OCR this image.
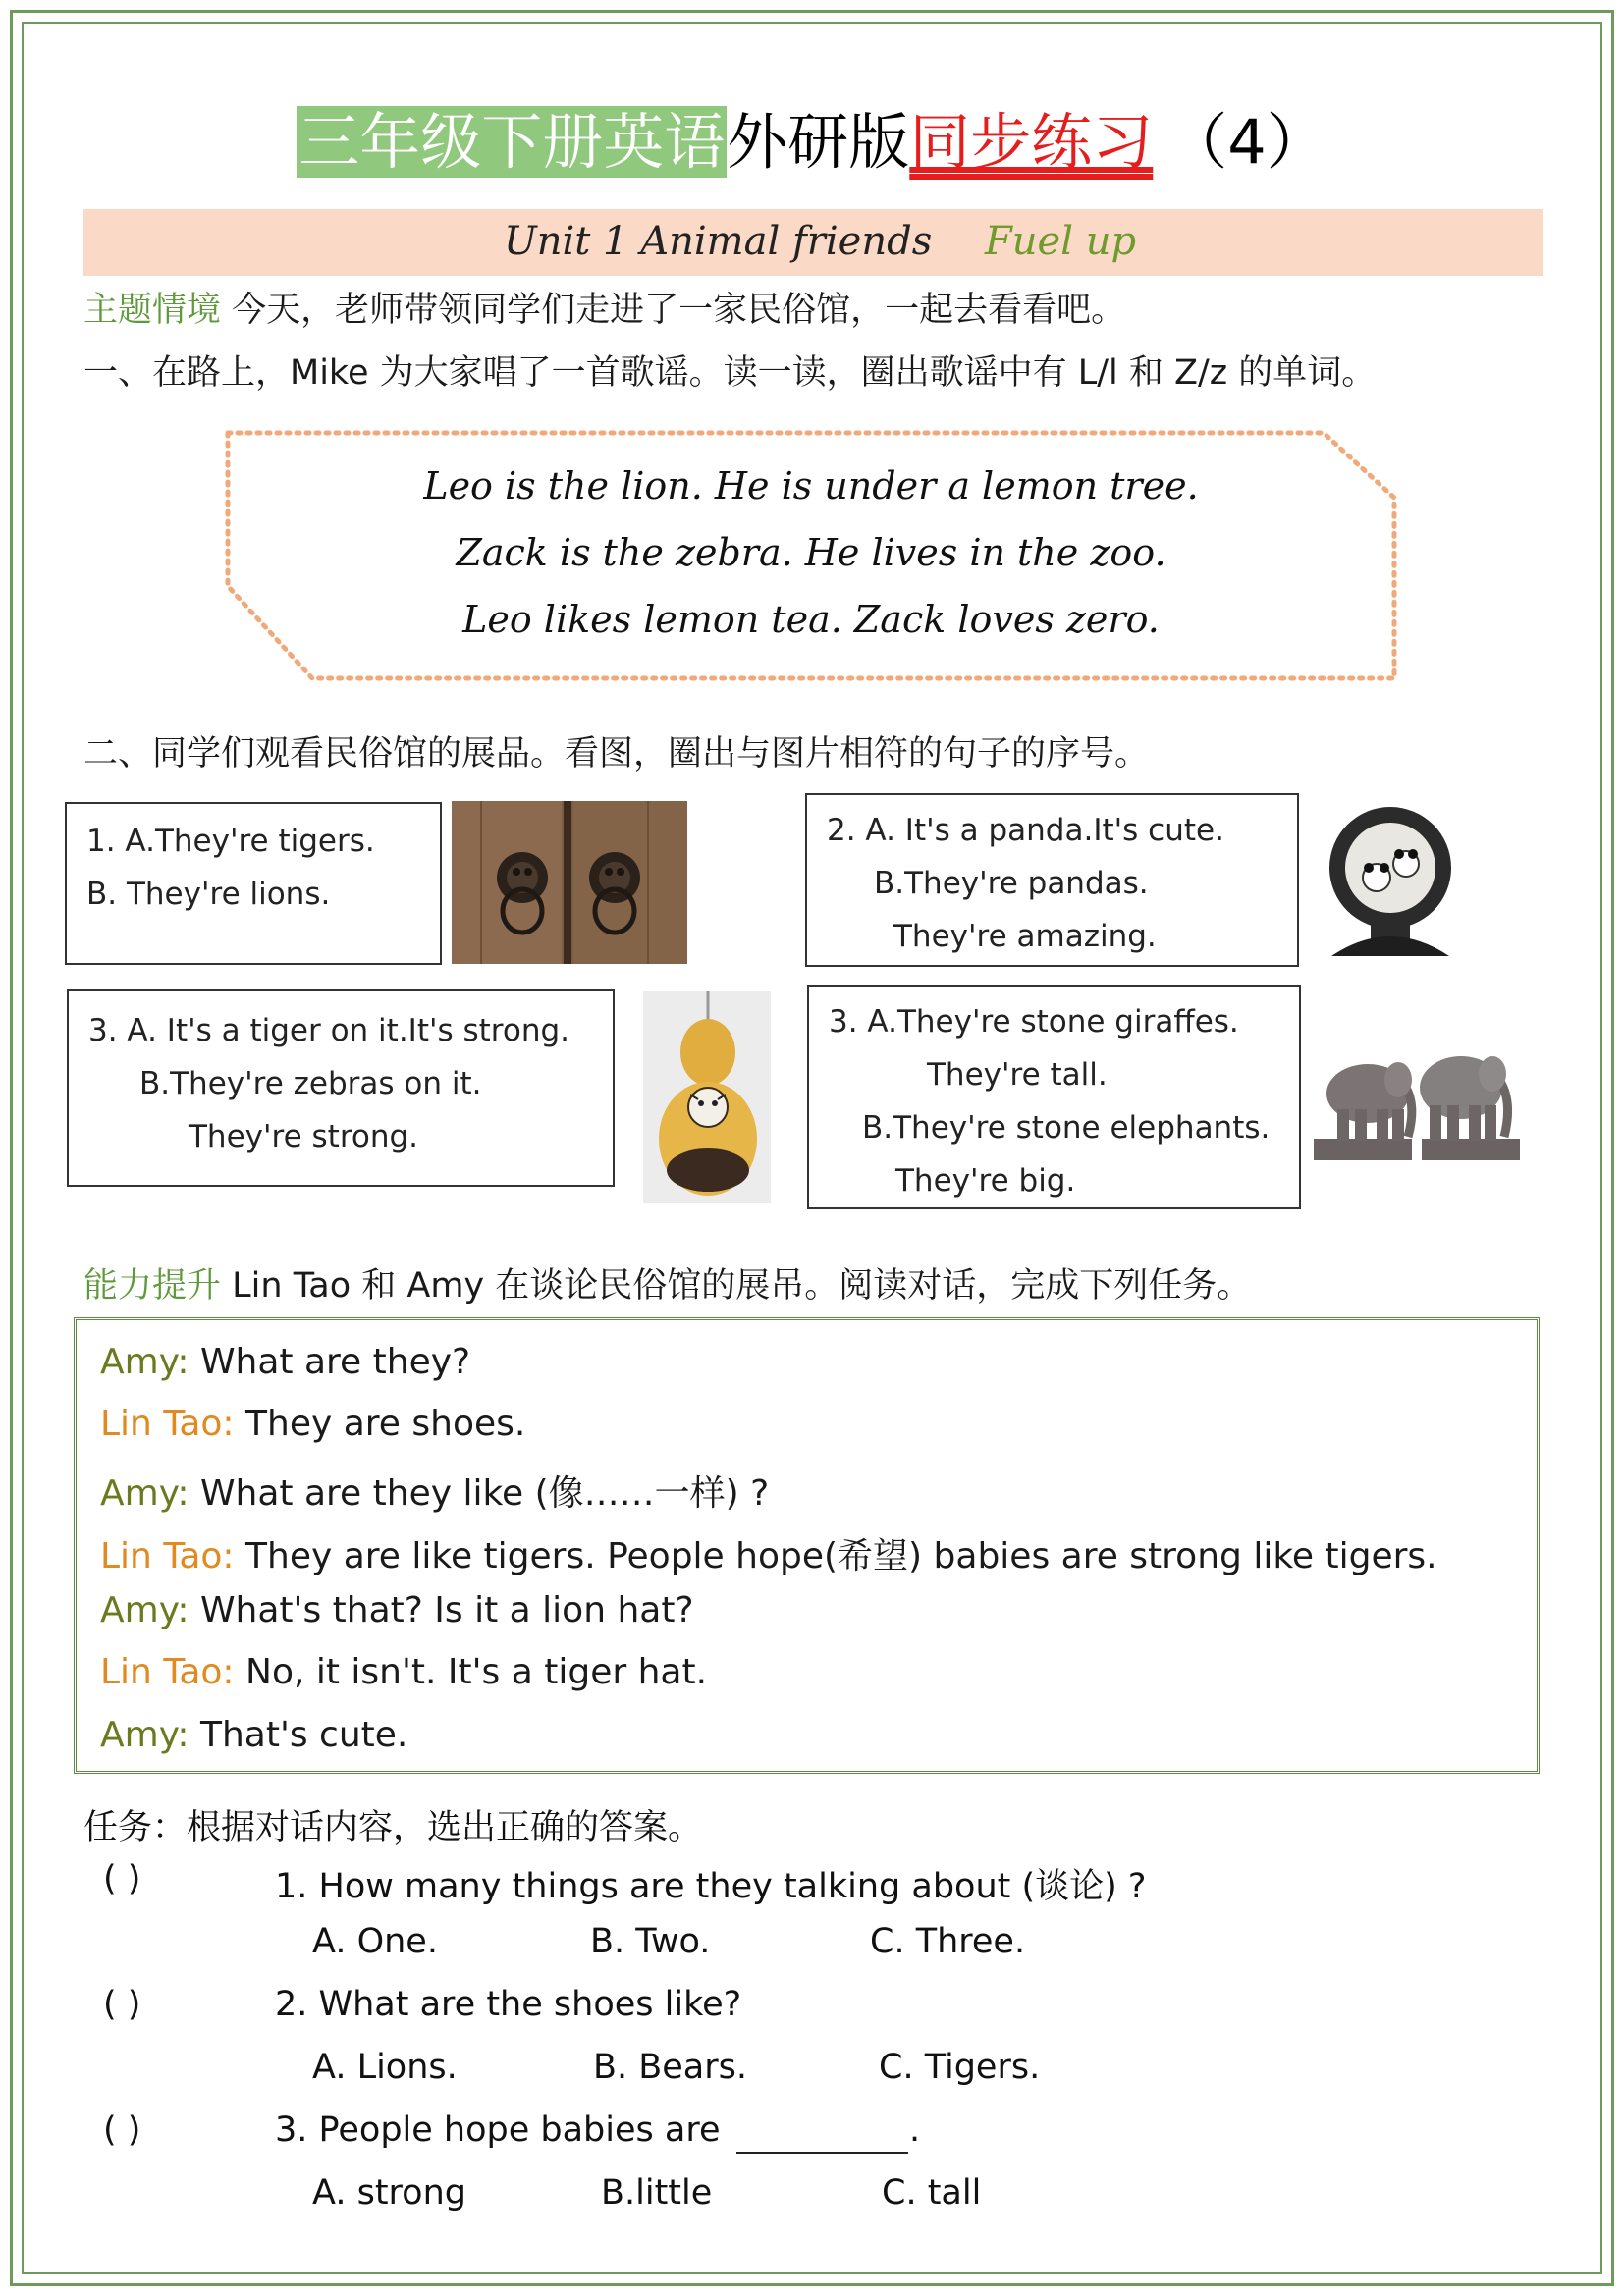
三年级下册英语外研版同步练习 （4）
Unit 1 Animal friends Fuel up
主题情境 今天，老师带领同学们走进了一家民俗馆，一起去看看吧。
一、在路上，Mike 为大家唱了一首歌谣。读一读，圈出歌谣中有 L/l 和 Z/z 的单词。
Leo is the lion. He is under a lemon tree.
Zack is the zebra. He lives in the zoo.
Leo likes lemon tea. Zack loves zero.
二、同学们观看民俗馆的展品。看图，圈出与图片相符的句子的序号。
1. A.They're tigers.
B. They're lions.
2. A. It's a panda.It's cute.
B.They're pandas.
They're amazing.
3. A. It's a tiger on it.It's strong.
B.They're zebras on it.
They're strong.
3. A.They're stone giraffes.
They're tall.
B.They're stone elephants.
They're big.
能力提升 Lin Tao 和 Amy 在谈论民俗馆的展吊。阅读对话，完成下列任务。
Amy: What are they?
Lin Tao: They are shoes.
Amy: What are they like (像……一样) ?
Lin Tao: They are like tigers. People hope(希望) babies are strong like tigers.
Amy: What's that? Is it a lion hat?
Lin Tao: No, it isn't. It's a tiger hat.
Amy: That's cute.
任务：根据对话内容，选出正确的答案。
( )	1. How many things are they talking about (谈论) ?
A. One.	B. Two.	C. Three.
( )	2. What are the shoes like?
A. Lions.	B. Bears.	C. Tigers.
( )	3. People hope babies are	.
A. strong	B.little	C. tall
